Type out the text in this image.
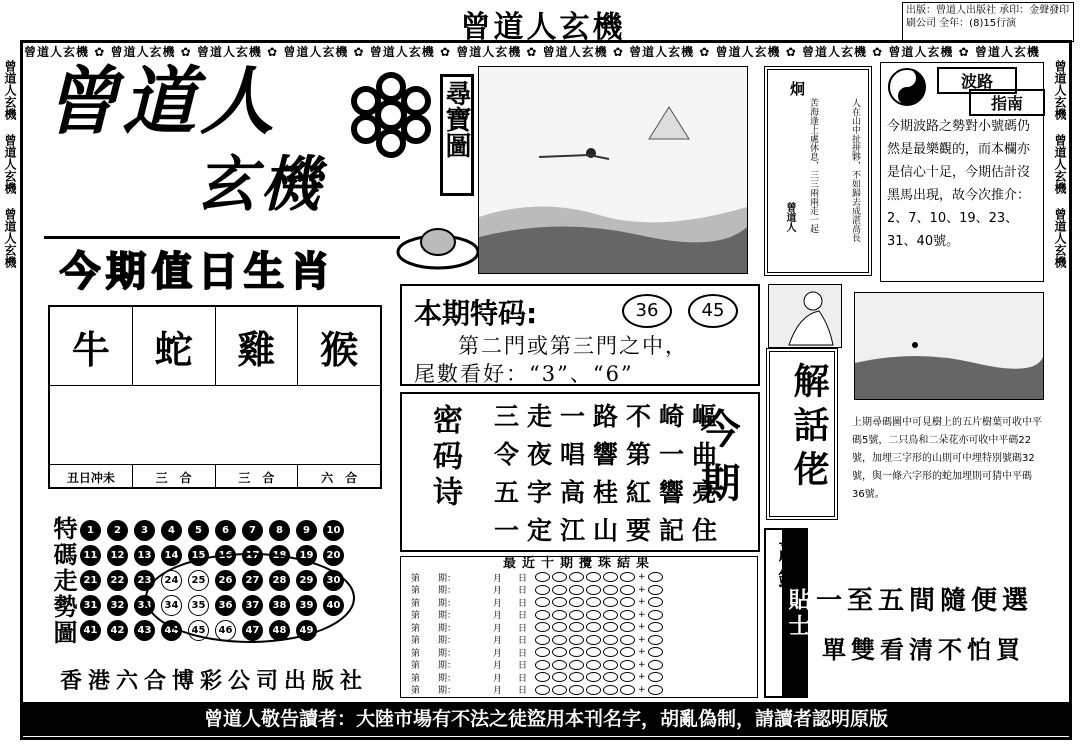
曾道人玄機	出版：曾道人出版社 承印：金聲發印刷公司 全年：(8)15行演
曾道人玄機 ✿ 曾道人玄機 ✿ 曾道人玄機 ✿ 曾道人玄機 ✿ 曾道人玄機 ✿ 曾道人玄機 ✿ 曾道人玄機 ✿ 曾道人玄機 ✿ 曾道人玄機 ✿ 曾道人玄機 ✿ 曾道人玄機 ✿ 曾道人玄機
曾道人玄機 曾道人玄機 曾道人玄機	曾道人玄機 曾道人玄機 曾道人玄機
曾道人	尋寶圖
玄機
炯
人在山中扯拼夥，不如歸去成湛高長
苦海逢上處休息，三三兩兩走一起
曾道人
波路
指南
今期波路之勢對小號碼仍然是最樂觀的，而本欄亦是信心十足，今期估計沒黑馬出現，故今次推介：2、7、10、19、23、31、40號。
今期值日生肖
牛	蛇	雞	猴
丑日冲未	三　合	三　合	六　合
本期特码:	36	45
第二門或第三門之中，
尾數看好：“3”、“6”
密码诗 三走一路不崎嶇
令夜唱響第一曲
五字高桂紅響亮
一定江山要記住
今期 解話佬	上期尋碼圖中可見樹上的五片樹葉可收中平碼5號，二只鳥和二朵花亦可收中平碼22號，加埋三字形的山則可中埋特別號碼32號，與一條六字形的蛇加埋則可猜中平碼36號。
特碼走勢圖	1	2	3	4	5	6	7	8	9	10
11	12	13	14	15	16	17	18	19	20
21	22	23	24	25	26	27	28	29	30
31	32	33	34	35	36	37	38	39	40
41	42	43	44	45	46	47	48	49
最近十期攪珠結果
第　　期：	月 日	+
第　　期：	月 日	+
第　　期：	月 日	+
第　　期：	月 日	+
第　　期：	月 日	+
第　　期：	月 日	+
第　　期：	月 日	+
第　　期：	月 日	+
第　　期：	月 日	+
第　　期：	月 日	+
貼士 一至五間隨便選
單雙看清不怕買
香港六合博彩公司出版社
曾道人敬告讀者：大陸市場有不法之徒盜用本刊名字，胡亂偽制，請讀者認明原版
